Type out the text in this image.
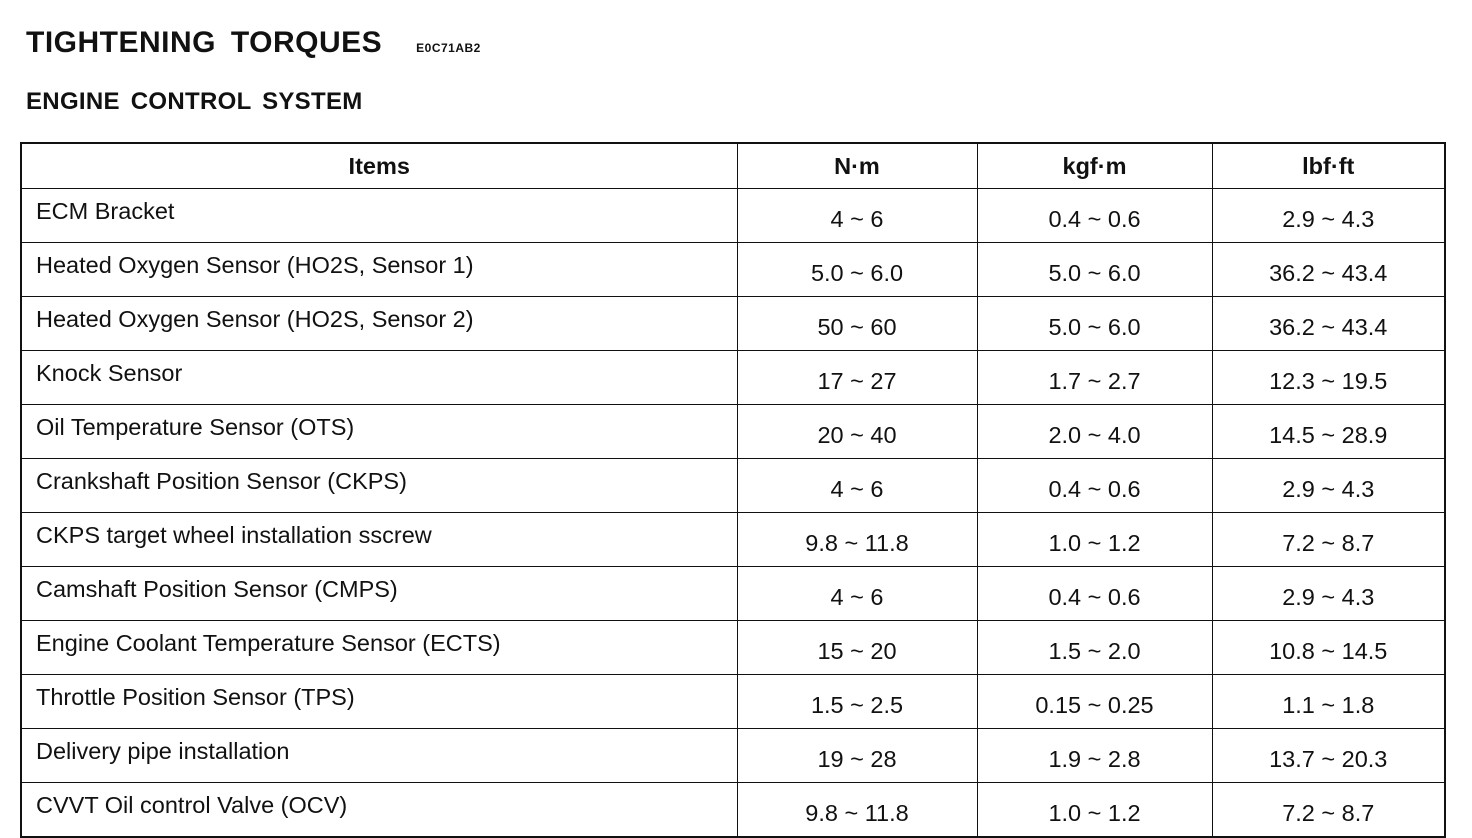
TIGHTENING TORQUES	E0C71AB2
ENGINE CONTROL SYSTEM
Items	N·m	kgf·m	lbf·ft
ECM Bracket	4 ~ 6	0.4 ~ 0.6	2.9 ~ 4.3
Heated Oxygen Sensor (HO2S, Sensor 1)	5.0 ~ 6.0	5.0 ~ 6.0	36.2 ~ 43.4
Heated Oxygen Sensor (HO2S, Sensor 2)	50 ~ 60	5.0 ~ 6.0	36.2 ~ 43.4
Knock Sensor	17 ~ 27	1.7 ~ 2.7	12.3 ~ 19.5
Oil Temperature Sensor (OTS)	20 ~ 40	2.0 ~ 4.0	14.5 ~ 28.9
Crankshaft Position Sensor (CKPS)	4 ~ 6	0.4 ~ 0.6	2.9 ~ 4.3
CKPS target wheel installation sscrew	9.8 ~ 11.8	1.0 ~ 1.2	7.2 ~ 8.7
Camshaft Position Sensor (CMPS)	4 ~ 6	0.4 ~ 0.6	2.9 ~ 4.3
Engine Coolant Temperature Sensor (ECTS)	15 ~ 20	1.5 ~ 2.0	10.8 ~ 14.5
Throttle Position Sensor (TPS)	1.5 ~ 2.5	0.15 ~ 0.25	1.1 ~ 1.8
Delivery pipe installation	19 ~ 28	1.9 ~ 2.8	13.7 ~ 20.3
CVVT Oil control Valve (OCV)	9.8 ~ 11.8	1.0 ~ 1.2	7.2 ~ 8.7
